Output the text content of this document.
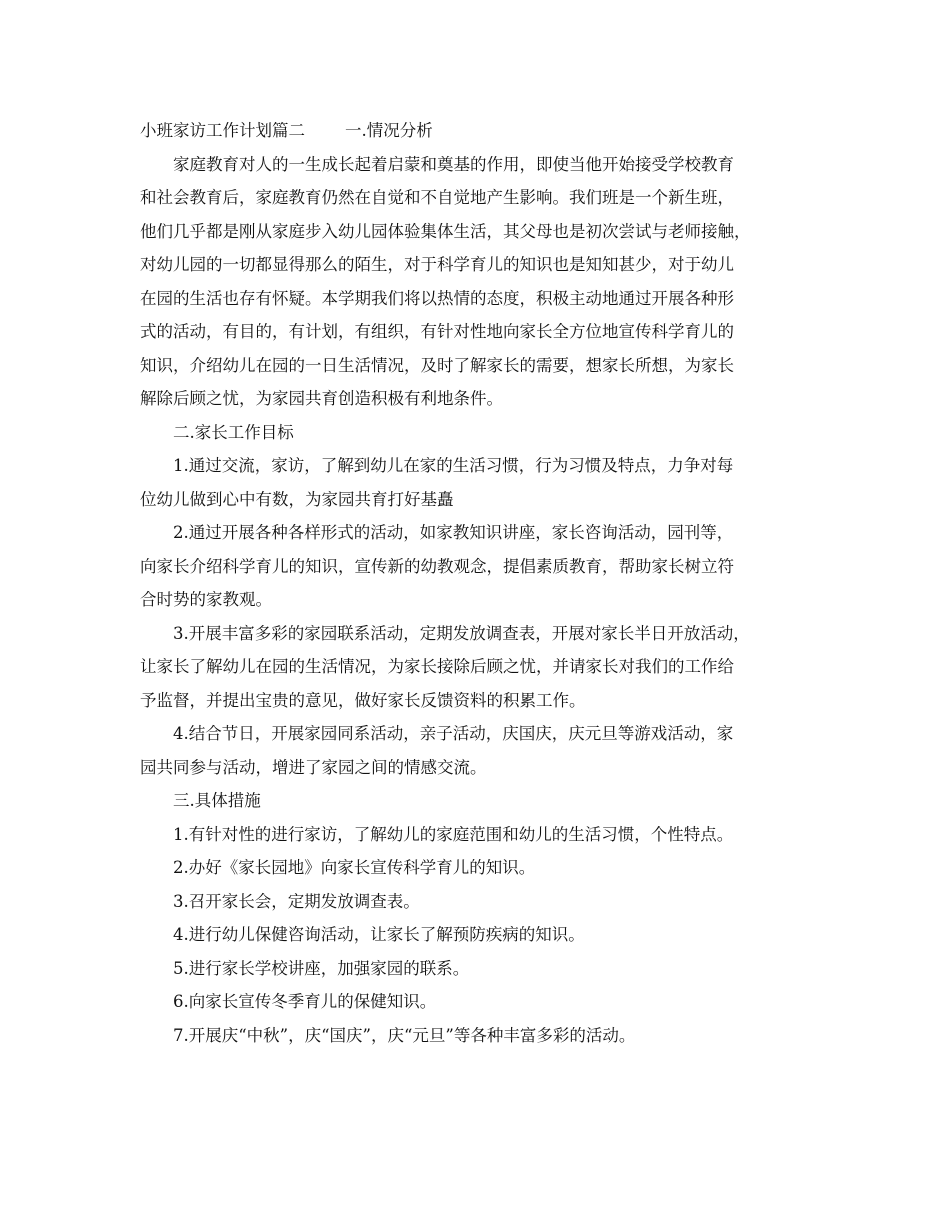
小班家访工作计划篇二 一.情况分析

家庭教育对人的一生成长起着启蒙和奠基的作用，即使当他开始接受学校教育

和社会教育后，家庭教育仍然在自觉和不自觉地产生影响。我们班是一个新生班，

他们几乎都是刚从家庭步入幼儿园体验集体生活，其父母也是初次尝试与老师接触，

对幼儿园的一切都显得那么的陌生，对于科学育儿的知识也是知知甚少，对于幼儿

在园的生活也存有怀疑。本学期我们将以热情的态度，积极主动地通过开展各种形

式的活动，有目的，有计划，有组织，有针对性地向家长全方位地宣传科学育儿的

知识，介绍幼儿在园的一日生活情况，及时了解家长的需要，想家长所想，为家长

解除后顾之忧，为家园共育创造积极有利地条件。

二.家长工作目标

1.通过交流，家访，了解到幼儿在家的生活习惯，行为习惯及特点，力争对每

位幼儿做到心中有数，为家园共育打好基矗

2.通过开展各种各样形式的活动，如家教知识讲座，家长咨询活动，园刊等，

向家长介绍科学育儿的知识，宣传新的幼教观念，提倡素质教育，帮助家长树立符

合时势的家教观。

3.开展丰富多彩的家园联系活动，定期发放调查表，开展对家长半日开放活动，

让家长了解幼儿在园的生活情况，为家长接除后顾之忧，并请家长对我们的工作给

予监督，并提出宝贵的意见，做好家长反馈资料的积累工作。

4.结合节日，开展家园同系活动，亲子活动，庆国庆，庆元旦等游戏活动，家

园共同参与活动，增进了家园之间的情感交流。

三.具体措施

1.有针对性的进行家访，了解幼儿的家庭范围和幼儿的生活习惯，个性特点。

2.办好《家长园地》向家长宣传科学育儿的知识。

3.召开家长会，定期发放调查表。

4.进行幼儿保健咨询活动，让家长了解预防疾病的知识。

5.进行家长学校讲座，加强家园的联系。

6.向家长宣传冬季育儿的保健知识。

7.开展庆“中秋”，庆“国庆”，庆“元旦”等各种丰富多彩的活动。
